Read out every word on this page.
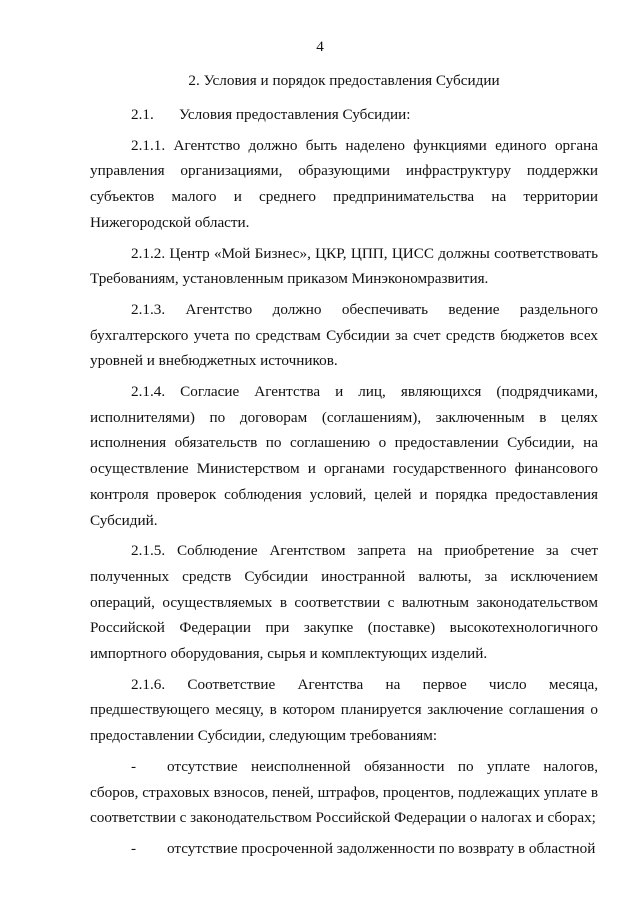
4
2. Условия и порядок предоставления Субсидии
2.1. Условия предоставления Субсидии:

2.1.1. Агентство должно быть наделено функциями единого органа управления организациями, образующими инфраструктуру поддержки субъектов малого и среднего предпринимательства на территории Нижегородской области.

2.1.2. Центр «Мой Бизнес», ЦКР, ЦПП, ЦИСС должны соответствовать Требованиям, установленным приказом Минэкономразвития.

2.1.3. Агентство должно обеспечивать ведение раздельного бухгалтерского учета по средствам Субсидии за счет средств бюджетов всех уровней и внебюджетных источников.

2.1.4. Согласие Агентства и лиц, являющихся (подрядчиками, исполнителями) по договорам (соглашениям), заключенным в целях исполнения обязательств по соглашению о предоставлении Субсидии, на осуществление Министерством и органами государственного финансового контроля проверок соблюдения условий, целей и порядка предоставления Субсидий.

2.1.5. Соблюдение Агентством запрета на приобретение за счет полученных средств Субсидии иностранной валюты, за исключением операций, осуществляемых в соответствии с валютным законодательством Российской Федерации при закупке (поставке) высокотехнологичного импортного оборудования, сырья и комплектующих изделий.

2.1.6. Соответствие Агентства на первое число месяца, предшествующего месяцу, в котором планируется заключение соглашения о предоставлении Субсидии, следующим требованиям:

- отсутствие неисполненной обязанности по уплате налогов, сборов, страховых взносов, пеней, штрафов, процентов, подлежащих уплате в соответствии с законодательством Российской Федерации о налогах и сборах;

- отсутствие просроченной задолженности по возврату в областной
